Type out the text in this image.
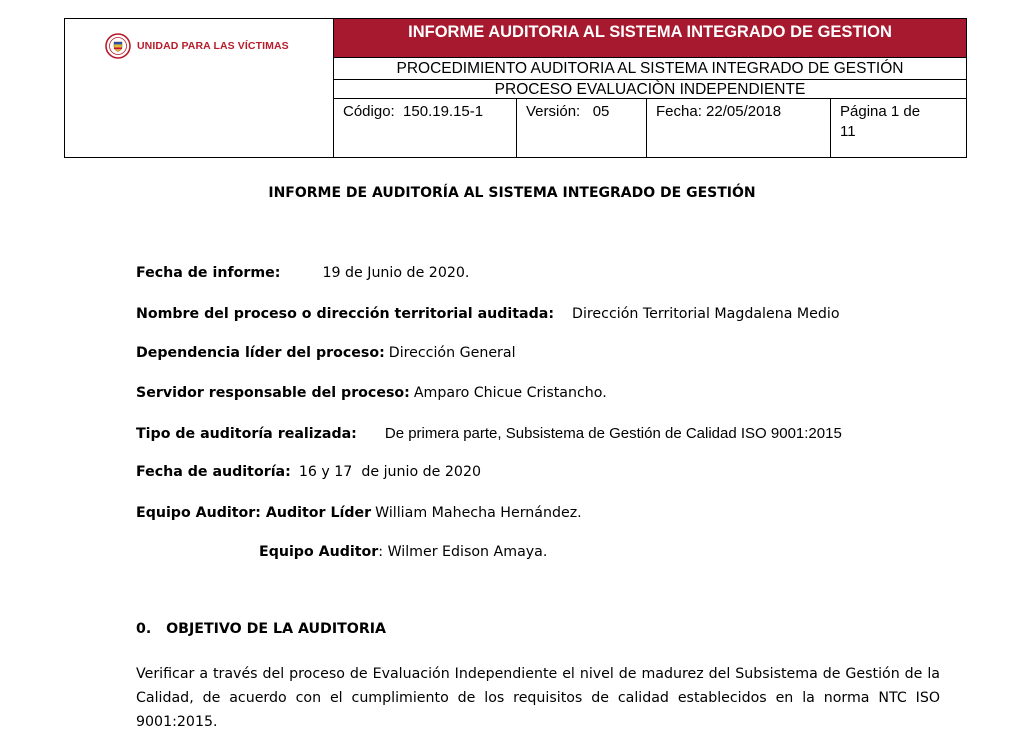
UNIDAD PARA LAS VÍCTIMAS
INFORME AUDITORIA AL SISTEMA INTEGRADO DE GESTION
PROCEDIMIENTO AUDITORIA AL SISTEMA INTEGRADO DE GESTIÓN
PROCESO EVALUACIÒN INDEPENDIENTE
Código: 150.19.15-1	Versión: 05	Fecha: 22/05/2018	Página 1 de
11
INFORME DE AUDITORÍA AL SISTEMA INTEGRADO DE GESTIÓN
Fecha de informe:	19 de Junio de 2020.
Nombre del proceso o dirección territorial auditada: Dirección Territorial Magdalena Medio
Dependencia líder del proceso: Dirección General
Servidor responsable del proceso: Amparo Chicue Cristancho.
Tipo de auditoría realizada: De primera parte, Subsistema de Gestión de Calidad ISO 9001:2015
Fecha de auditoría: 16 y 17  de junio de 2020
Equipo Auditor: Auditor Líder William Mahecha Hernández.
Equipo Auditor: Wilmer Edison Amaya.
0. OBJETIVO DE LA AUDITORIA
Verificar a través del proceso de Evaluación Independiente el nivel de madurez del Subsistema de Gestión de la Calidad, de acuerdo con el cumplimiento de los requisitos de calidad establecidos en la norma NTC ISO 9001:2015.
